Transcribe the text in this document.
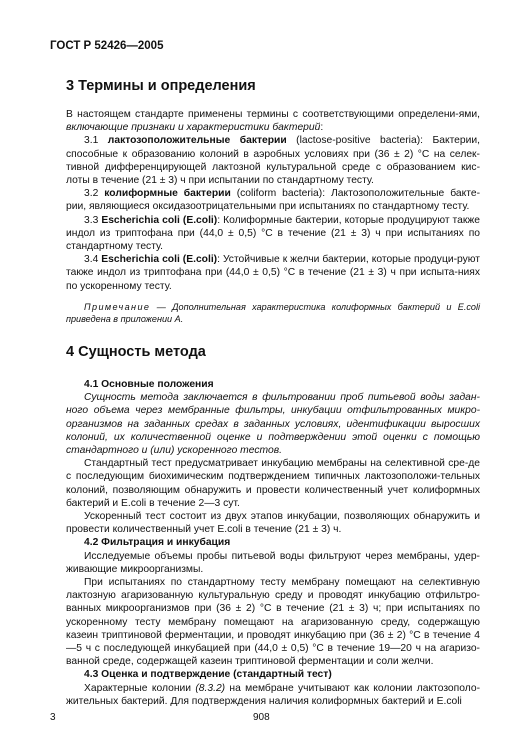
ГОСТ Р 52426—2005
3 Термины и определения

В настоящем стандарте применены термины с соответствующими определени-ями, включающие признаки и характеристики бактерий:

3.1 лактозоположительные бактерии (lactose-positive bacteria): Бактерии, способные к образованию колоний в аэробных условиях при (36 ± 2) °С на селек-тивной дифференцирующей лактозной культуральной среде с образованием кис-лоты в течение (21 ± 3) ч при испытании по стандартному тесту.

3.2 колиформные бактерии (coliform bacteria): Лактозоположительные бакте-рии, являющиеся оксидазоотрицательными при испытаниях по стандартному тесту.

3.3 Escherichia coli (E.coli): Колиформные бактерии, которые продуцируют также индол из триптофана при (44,0 ± 0,5) °С в течение (21 ± 3) ч при испытаниях по стандартному тесту.

3.4 Escherichia coli (E.coli): Устойчивые к желчи бактерии, которые продуци-руют также индол из триптофана при (44,0 ± 0,5) °С в течение (21 ± 3) ч при испыта-ниях по ускоренному тесту.

Примечание — Дополнительная характеристика колиформных бактерий и E.coli приведена в приложении А.

4 Сущность метода

4.1 Основные положения

Сущность метода заключается в фильтровании проб питьевой воды задан-ного объема через мембранные фильтры, инкубации отфильтрованных микро-организмов на заданных средах в заданных условиях, идентификации выросших колоний, их количественной оценке и подтверждении этой оценки с помощью стандартного и (или) ускоренного тестов.

Стандартный тест предусматривает инкубацию мембраны на селективной сре-де с последующим биохимическим подтверждением типичных лактозоположи-тельных колоний, позволяющим обнаружить и провести количественный учет колиформных бактерий и E.coli в течение 2—3 сут.

Ускоренный тест состоит из двух этапов инкубации, позволяющих обнаружить и провести количественный учет E.coli в течение (21 ± 3) ч.

4.2 Фильтрация и инкубация

Исследуемые объемы пробы питьевой воды фильтруют через мембраны, удер-живающие микроорганизмы.

При испытаниях по стандартному тесту мембрану помещают на селективную лактозную агаризованную культуральную среду и проводят инкубацию отфильтро-ванных микроорганизмов при (36 ± 2) °С в течение (21 ± 3) ч; при испытаниях по ускоренному тесту мембрану помещают на агаризованную среду, содержащую казеин триптиновой ферментации, и проводят инкубацию при (36 ± 2) °С в течение 4—5 ч с последующей инкубацией при (44,0 ± 0,5) °С в течение 19—20 ч на агаризо-ванной среде, содержащей казеин триптиновой ферментации и соли желчи.

4.3 Оценка и подтверждение (стандартный тест)

Характерные колонии (8.3.2) на мембране учитывают как колонии лактозополо-жительных бактерий. Для подтверждения наличия колиформных бактерий и E.coli

3	908
